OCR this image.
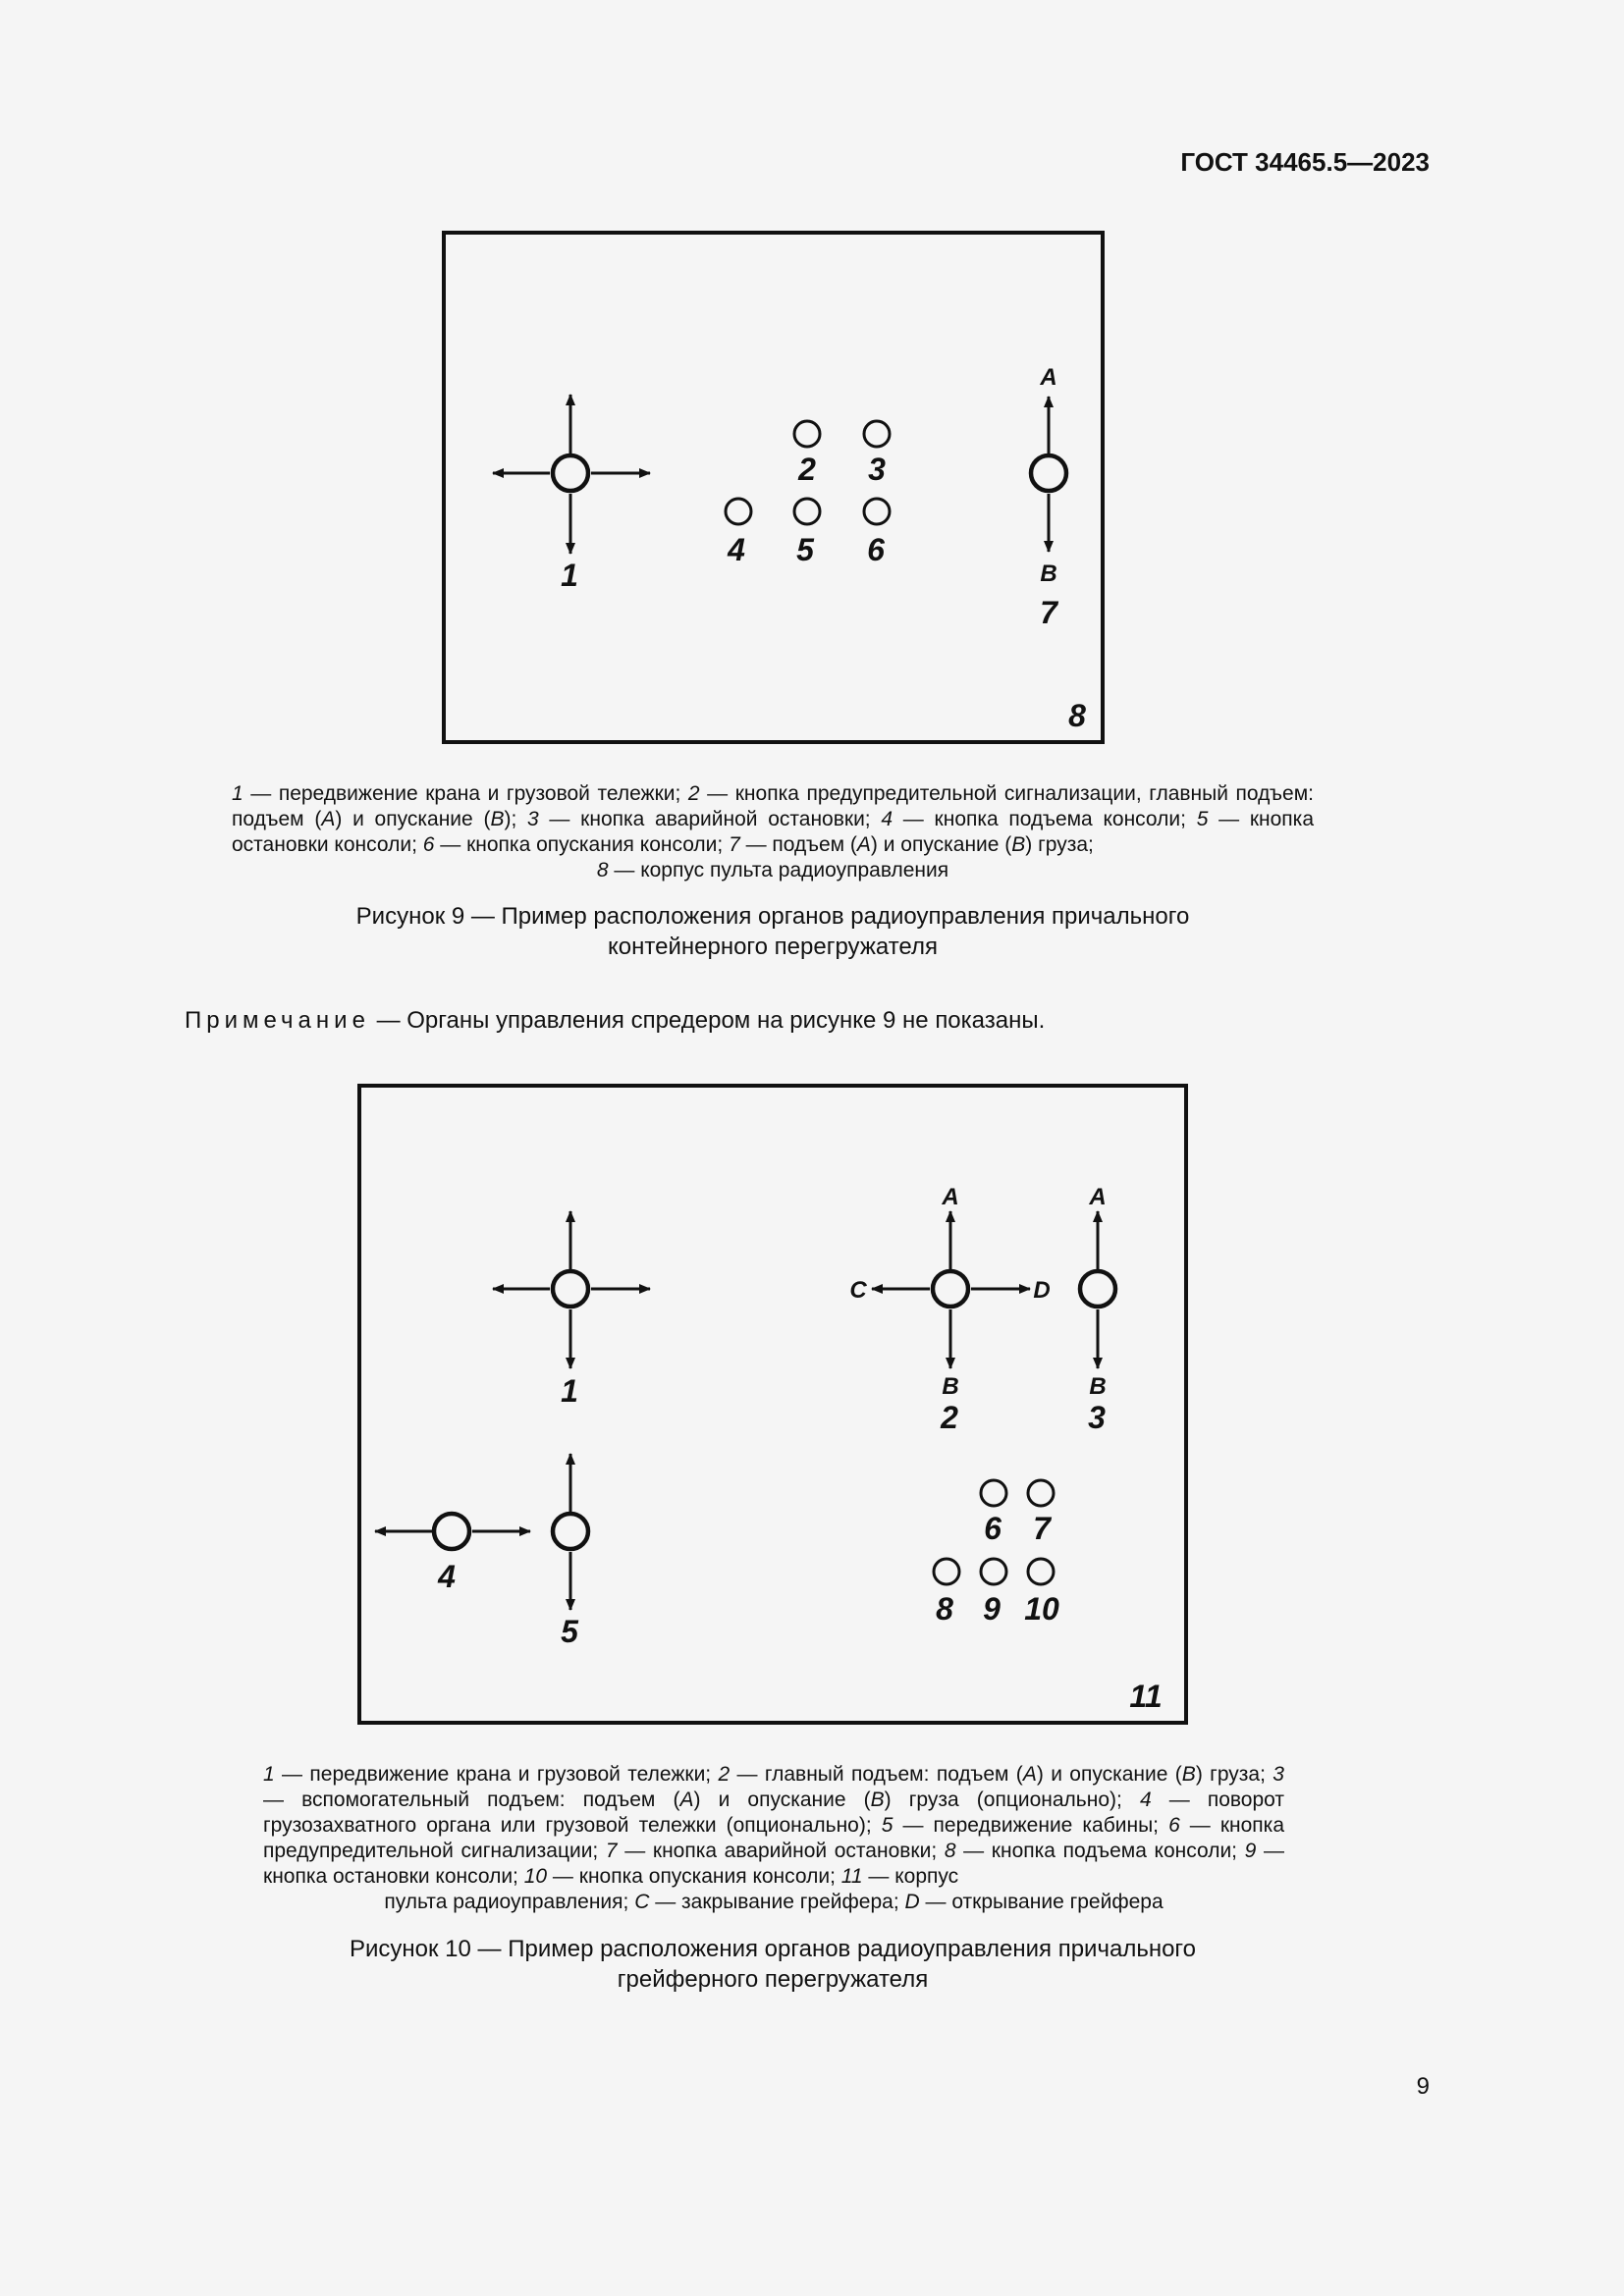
ГОСТ 34465.5—2023
1
2 3
4 5 6
A
B
7
8
1 — передвижение крана и грузовой тележки; 2 — кнопка предупредительной сигнализации, главный подъем: подъем (A) и опускание (B); 3 — кнопка аварийной остановки; 4 — кнопка подъема консоли; 5 — кнопка остановки консоли; 6 — кнопка опускания консоли; 7 — подъем (A) и опускание (B) груза;
8 — корпус пульта радиоуправления
Рисунок 9 — Пример расположения органов радиоуправления причального
контейнерного перегружателя
Примечание — Органы управления спредером на рисунке 9 не показаны.
1
A
B
C	D
2
A
B
3
4
5
6 7
8 9 10
11
1 — передвижение крана и грузовой тележки; 2 — главный подъем: подъем (A) и опускание (B) груза; 3 — вспомогательный подъем: подъем (A) и опускание (B) груза (опционально); 4 — поворот грузозахватного органа или грузовой тележки (опционально); 5 — передвижение кабины; 6 — кнопка предупредительной сигнализации; 7 — кнопка аварийной остановки; 8 — кнопка подъема консоли; 9 — кнопка остановки консоли; 10 — кнопка опускания консоли; 11 — корпус
пульта радиоуправления; C — закрывание грейфера; D — открывание грейфера
Рисунок 10 — Пример расположения органов радиоуправления причального
грейферного перегружателя
9
